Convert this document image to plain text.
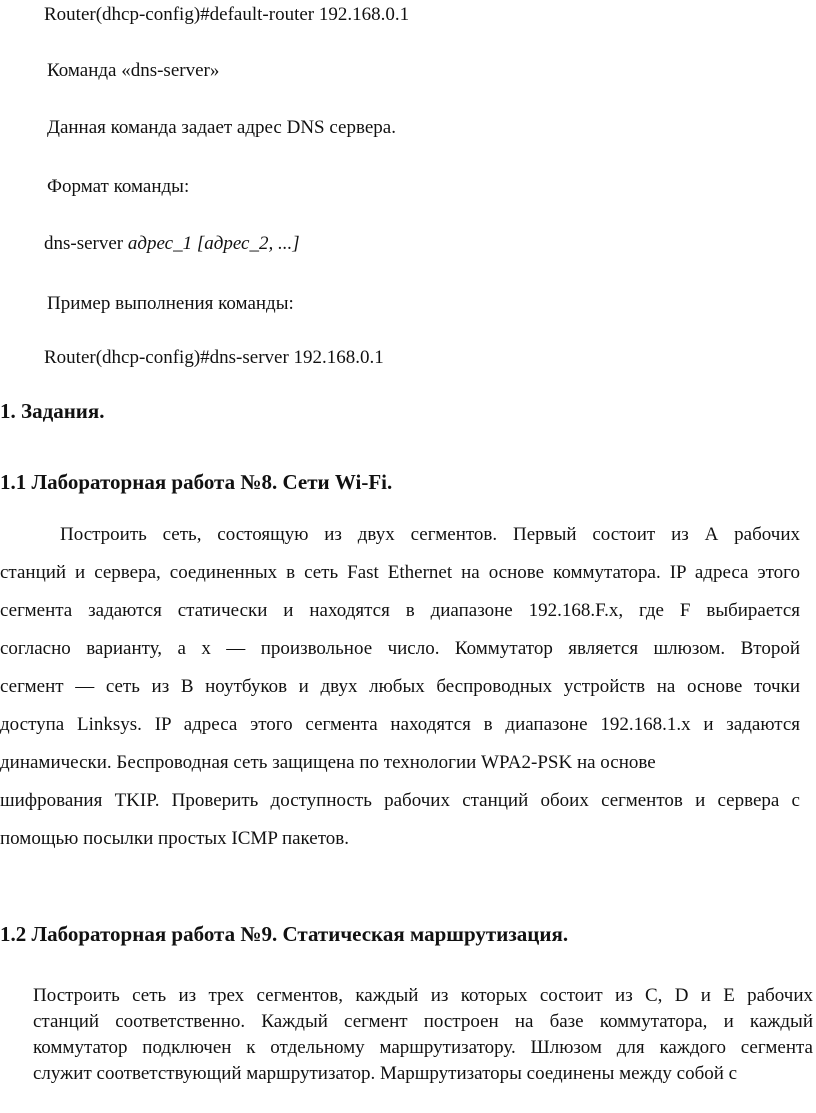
Router(dhcp-config)#default-router 192.168.0.1
Команда «dns-server»
Данная команда задает адрес DNS сервера.
Формат команды:
dns-server адрес_1 [адрес_2, ...]
Пример выполнения команды:
Router(dhcp-config)#dns-server 192.168.0.1
1. Задания.
1.1 Лабораторная работа №8. Сети Wi-Fi.
Построить сеть, состоящую из двух сегментов. Первый состоит из А рабочих
станций и сервера, соединенных в сеть Fast Ethernet на основе коммутатора. IP адреса этого
сегмента задаются статически и находятся в диапазоне 192.168.F.x, где F выбирается
согласно варианту, а x — произвольное число. Коммутатор является шлюзом. Второй
сегмент — сеть из В ноутбуков и двух любых беспроводных устройств на основе точки
доступа Linksys. IP адреса этого сегмента находятся в диапазоне 192.168.1.x и задаются
динамически. Беспроводная сеть защищена по технологии WPA2-PSK на основе
шифрования TKIP. Проверить доступность рабочих станций обоих сегментов и сервера с
помощью посылки простых ICMP пакетов.
1.2 Лабораторная работа №9. Статическая маршрутизация.
Построить сеть из трех сегментов, каждый из которых состоит из C, D и E рабочих
станций соответственно. Каждый сегмент построен на базе коммутатора, и каждый
коммутатор подключен к отдельному маршрутизатору. Шлюзом для каждого сегмента
служит соответствующий маршрутизатор. Маршрутизаторы соединены между собой с
